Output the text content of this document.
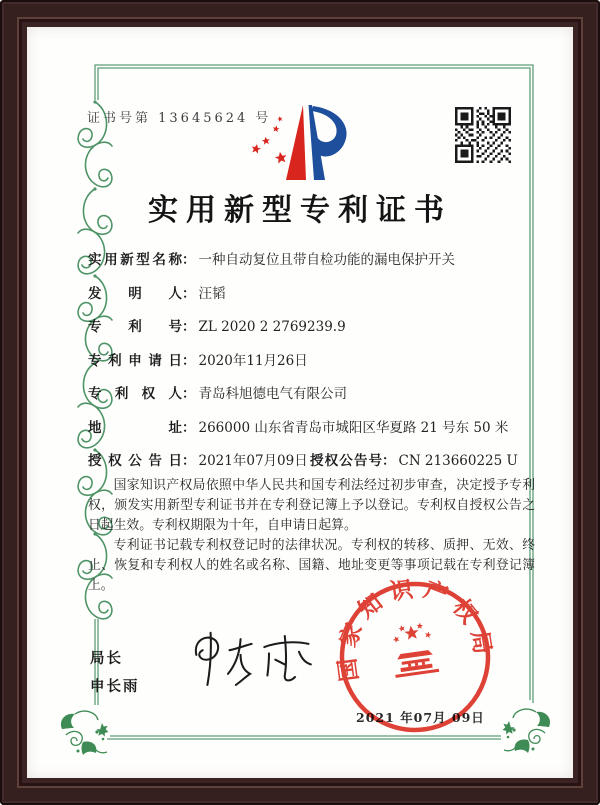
证书号第 13645624 号
实用新型专利证书
实用新型名称 ： 一种自动复位且带自检功能的漏电保护开关
发明人 ： 汪韬
专利号 ： ZL 2020 2 2769239.9
专利申请日 ： 2020年11月26日
专利权人 ： 青岛科旭德电气有限公司
地址 ： 266000 山东省青岛市城阳区华夏路 21 号东 50 米
授权公告日 ： 2021年07月09日 授权公告号 ： CN 213660225 U

国家知识产权局依照中华人民共和国专利法经过初步审查，决定授予专利权，颁发实用新型专利证书并在专利登记簿上予以登记。专利权自授权公告之日起生效。专利权期限为十年，自申请日起算。

专利证书记载专利权登记时的法律状况。专利权的转移、质押、无效、终止、恢复和专利权人的姓名或名称、国籍、地址变更等事项记载在专利登记簿上。

局长
申长雨
2021 年07月 09日
国家知识产权局
